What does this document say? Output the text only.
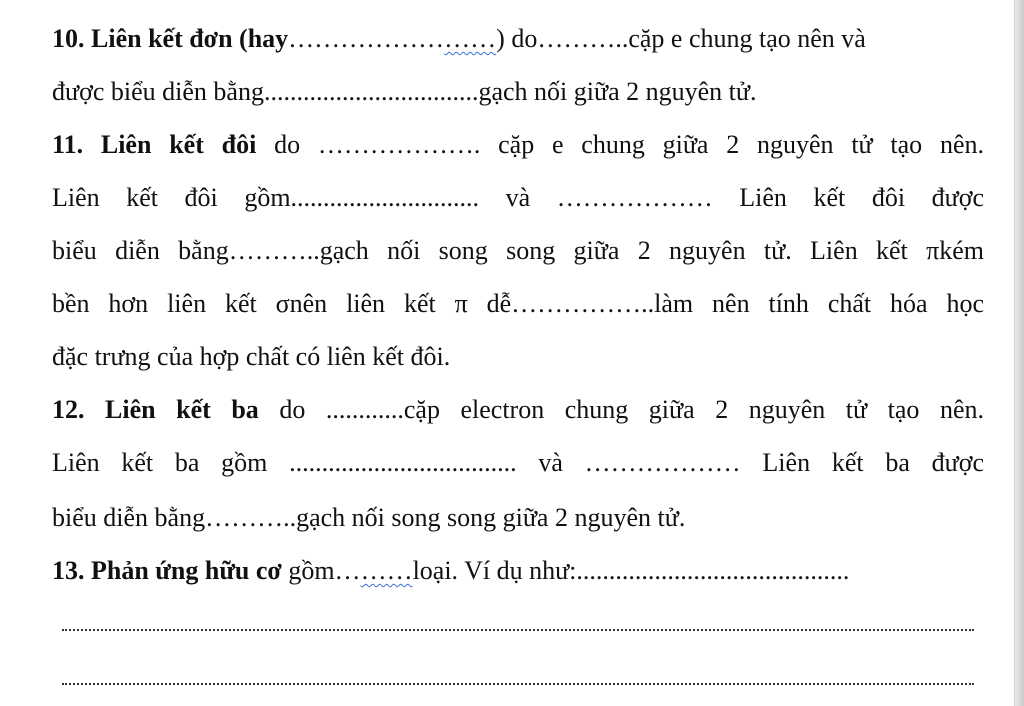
10. Liên kết đơn (hay……………………) do………..cặp e chung tạo nên và
được biểu diễn bằng.................................gạch nối giữa 2 nguyên tử.
11. Liên kết đôi do ………………. cặp e chung giữa 2 nguyên tử tạo nên.
Liên kết đôi gồm............................. và ……………… Liên kết đôi được
biểu diễn bằng………..gạch nối song song giữa 2 nguyên tử. Liên kết πkém
bền hơn liên kết σnên liên kết π dễ……………..làm nên tính chất hóa học
đặc trưng của hợp chất có liên kết đôi.
12. Liên kết ba do ............cặp electron chung giữa 2 nguyên tử tạo nên.
Liên kết ba gồm ................................... và ……………… Liên kết ba được
biểu diễn bằng………..gạch nối song song giữa 2 nguyên tử.
13. Phản ứng hữu cơ gồm………loại. Ví dụ như:..........................................
